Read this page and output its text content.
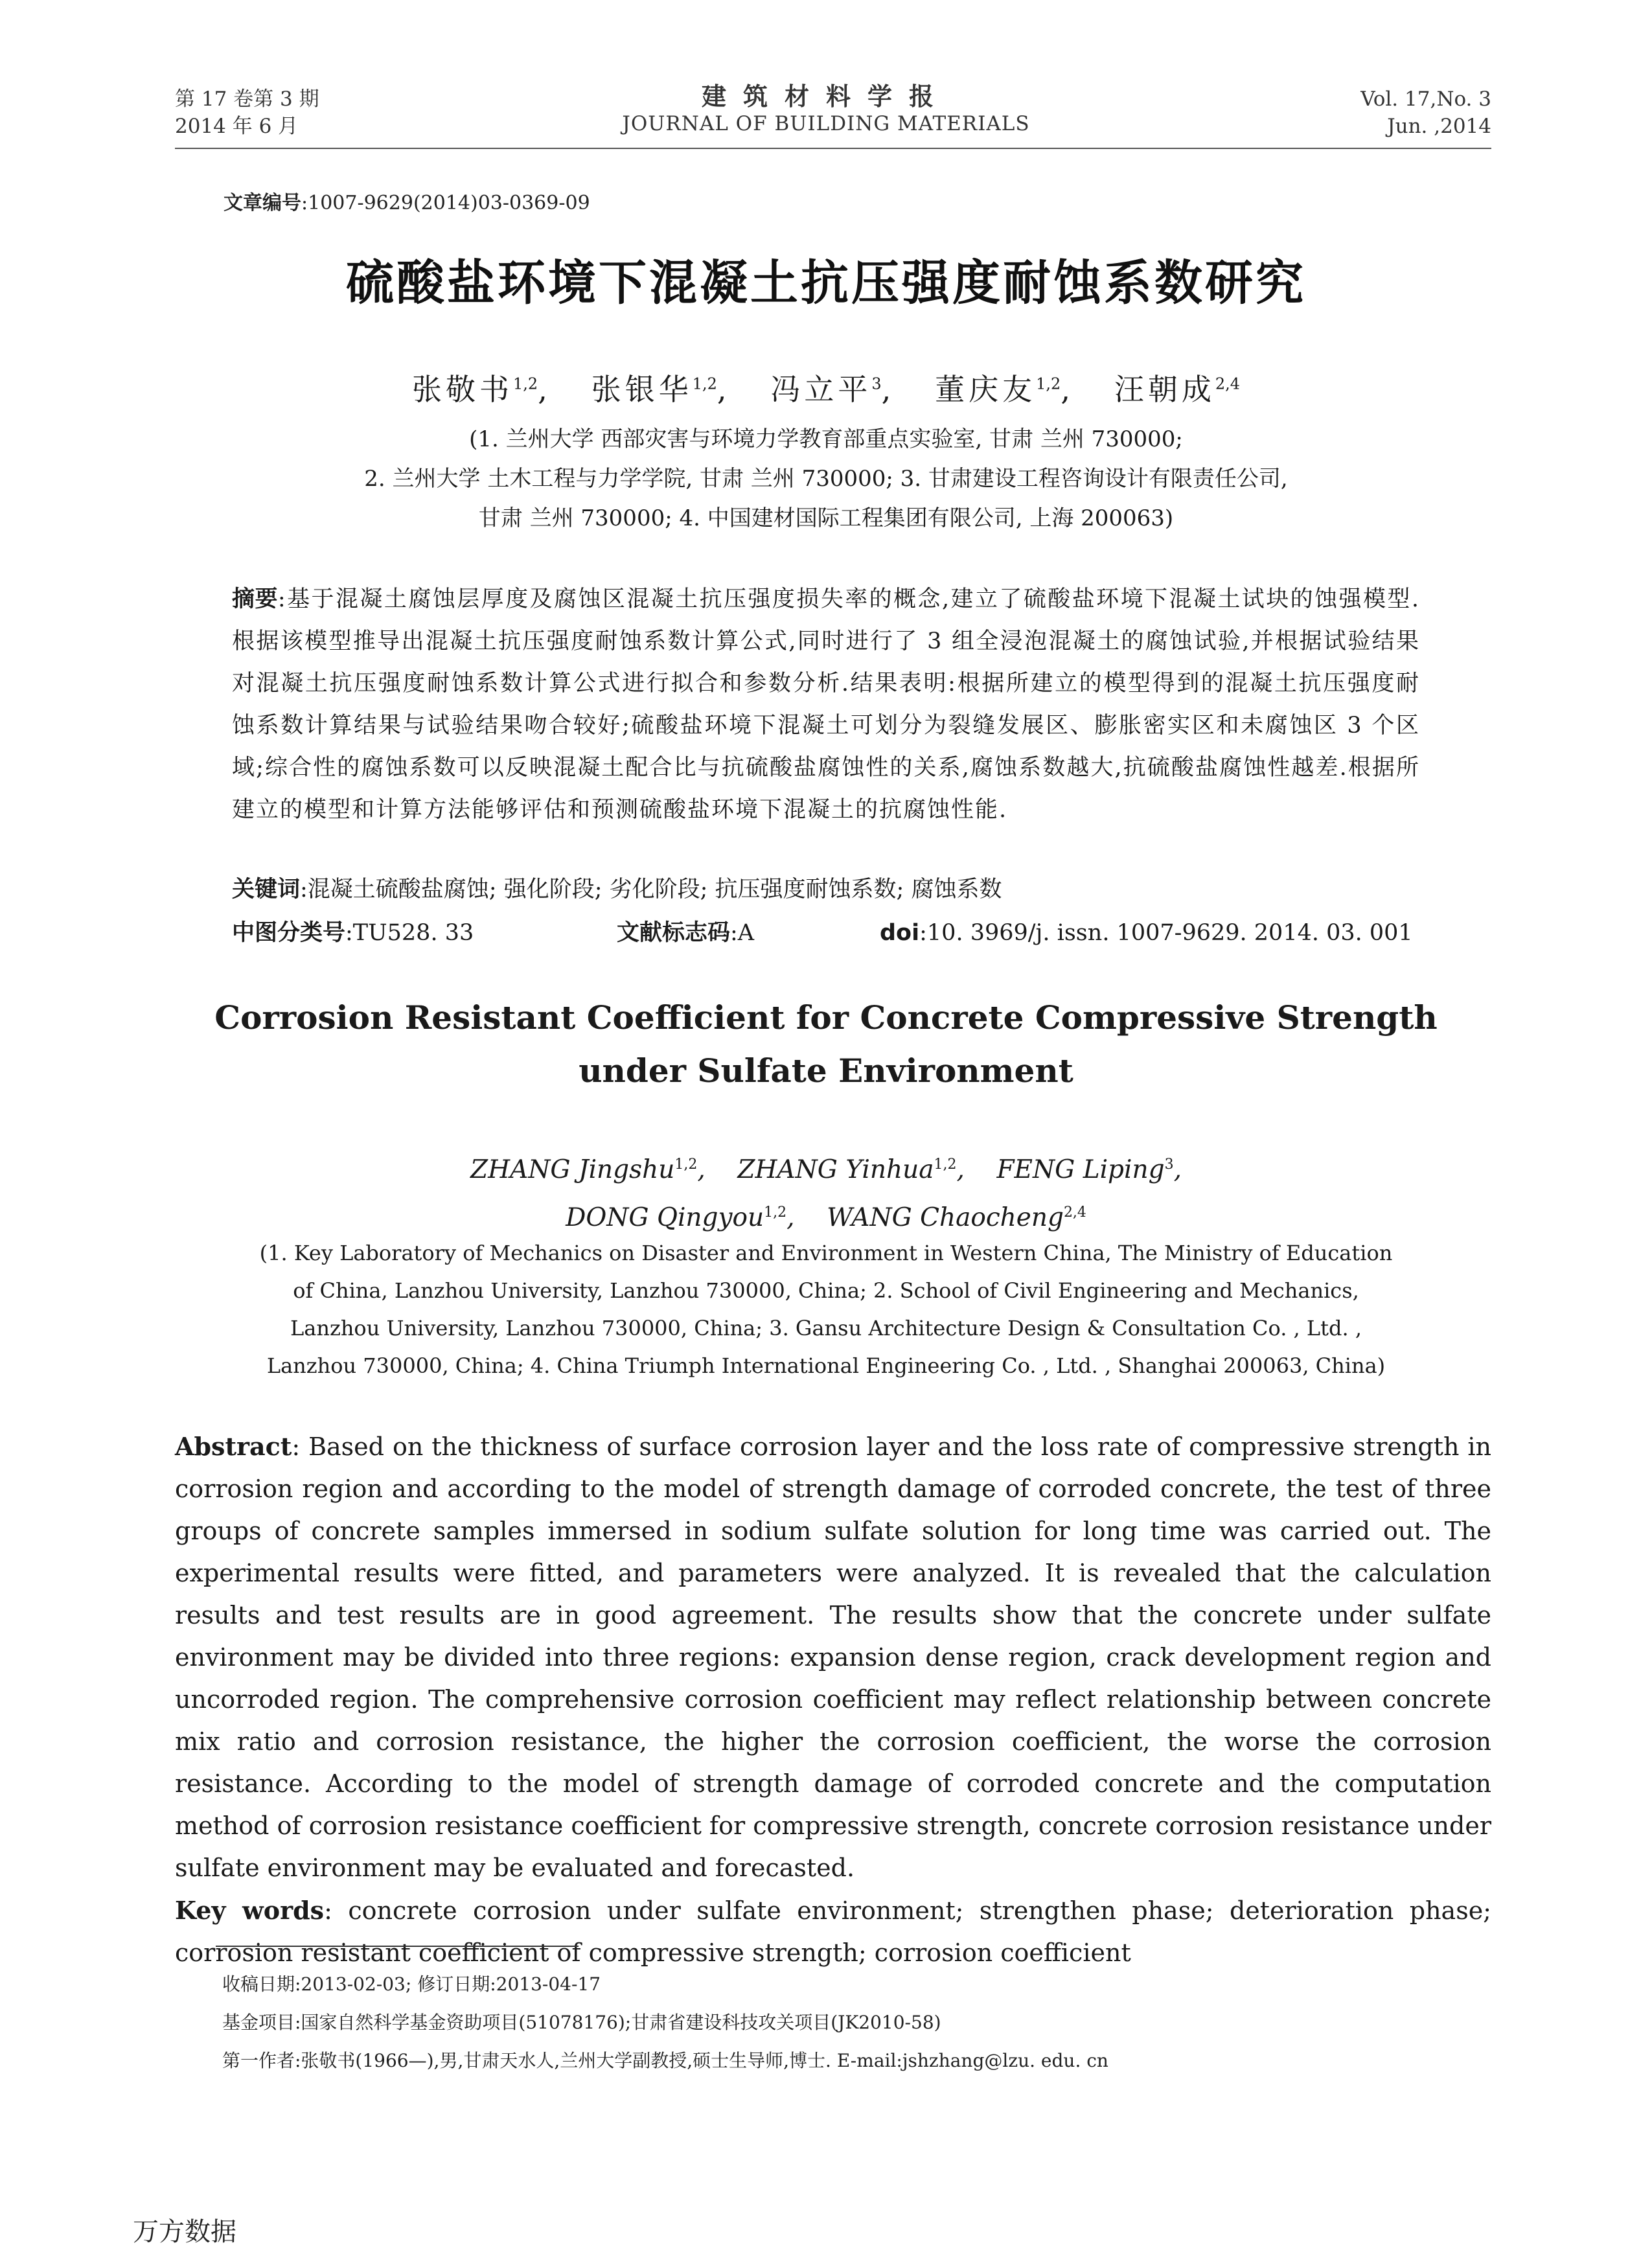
第 17 卷第 3 期
2014 年 6 月
建筑材料学报
JOURNAL OF BUILDING MATERIALS
Vol. 17,No. 3
Jun. ,2014
文章编号:1007-9629(2014)03-0369-09
硫酸盐环境下混凝土抗压强度耐蚀系数研究
张敬书$^{1,2}$, 张银华$^{1,2}$, 冯立平$^3$, 董庆友$^{1,2}$, 汪朝成$^{2,4}$
(1. 兰州大学 西部灾害与环境力学教育部重点实验室, 甘肃 兰州 730000;
2. 兰州大学 土木工程与力学学院, 甘肃 兰州 730000; 3. 甘肃建设工程咨询设计有限责任公司,
甘肃 兰州 730000; 4. 中国建材国际工程集团有限公司, 上海 200063)
摘要:基于混凝土腐蚀层厚度及腐蚀区混凝土抗压强度损失率的概念,建立了硫酸盐环境下混凝土试块的蚀强模型.根据该模型推导出混凝土抗压强度耐蚀系数计算公式,同时进行了 3 组全浸泡混凝土的腐蚀试验,并根据试验结果对混凝土抗压强度耐蚀系数计算公式进行拟合和参数分析.结果表明:根据所建立的模型得到的混凝土抗压强度耐蚀系数计算结果与试验结果吻合较好;硫酸盐环境下混凝土可划分为裂缝发展区、膨胀密实区和未腐蚀区 3 个区域;综合性的腐蚀系数可以反映混凝土配合比与抗硫酸盐腐蚀性的关系,腐蚀系数越大,抗硫酸盐腐蚀性越差.根据所建立的模型和计算方法能够评估和预测硫酸盐环境下混凝土的抗腐蚀性能.
关键词:混凝土硫酸盐腐蚀; 强化阶段; 劣化阶段; 抗压强度耐蚀系数; 腐蚀系数
中图分类号:TU528. 33	文献标志码:A	doi:10. 3969/j. issn. 1007-9629. 2014. 03. 001
Corrosion Resistant Coefficient for Concrete Compressive Strength
under Sulfate Environment
ZHANG Jingshu$^{1,2}$, ZHANG Yinhua$^{1,2}$, FENG Liping$^3$,
DONG Qingyou$^{1,2}$, WANG Chaocheng$^{2,4}$
(1. Key Laboratory of Mechanics on Disaster and Environment in Western China, The Ministry of Education
of China, Lanzhou University, Lanzhou 730000, China; 2. School of Civil Engineering and Mechanics,
Lanzhou University, Lanzhou 730000, China; 3. Gansu Architecture Design & Consultation Co. , Ltd. ,
Lanzhou 730000, China; 4. China Triumph International Engineering Co. , Ltd. , Shanghai 200063, China)
Abstract: Based on the thickness of surface corrosion layer and the loss rate of compressive strength in corrosion region and according to the model of strength damage of corroded concrete, the test of three groups of concrete samples immersed in sodium sulfate solution for long time was carried out. The experimental results were fitted, and parameters were analyzed. It is revealed that the calculation results and test results are in good agreement. The results show that the concrete under sulfate environment may be divided into three regions: expansion dense region, crack development region and uncorroded region. The comprehensive corrosion coefficient may reflect relationship between concrete mix ratio and corrosion resistance, the higher the corrosion coefficient, the worse the corrosion resistance. According to the model of strength damage of corroded concrete and the computation method of corrosion resistance coefficient for compressive strength, concrete corrosion resistance under sulfate environment may be evaluated and forecasted.
Key words: concrete corrosion under sulfate environment; strengthen phase; deterioration phase; corrosion resistant coefficient of compressive strength; corrosion coefficient
收稿日期:2013-02-03; 修订日期:2013-04-17
基金项目:国家自然科学基金资助项目(51078176);甘肃省建设科技攻关项目(JK2010-58)
第一作者:张敬书(1966—),男,甘肃天水人,兰州大学副教授,硕士生导师,博士. E-mail:jshzhang@lzu. edu. cn
万方数据
